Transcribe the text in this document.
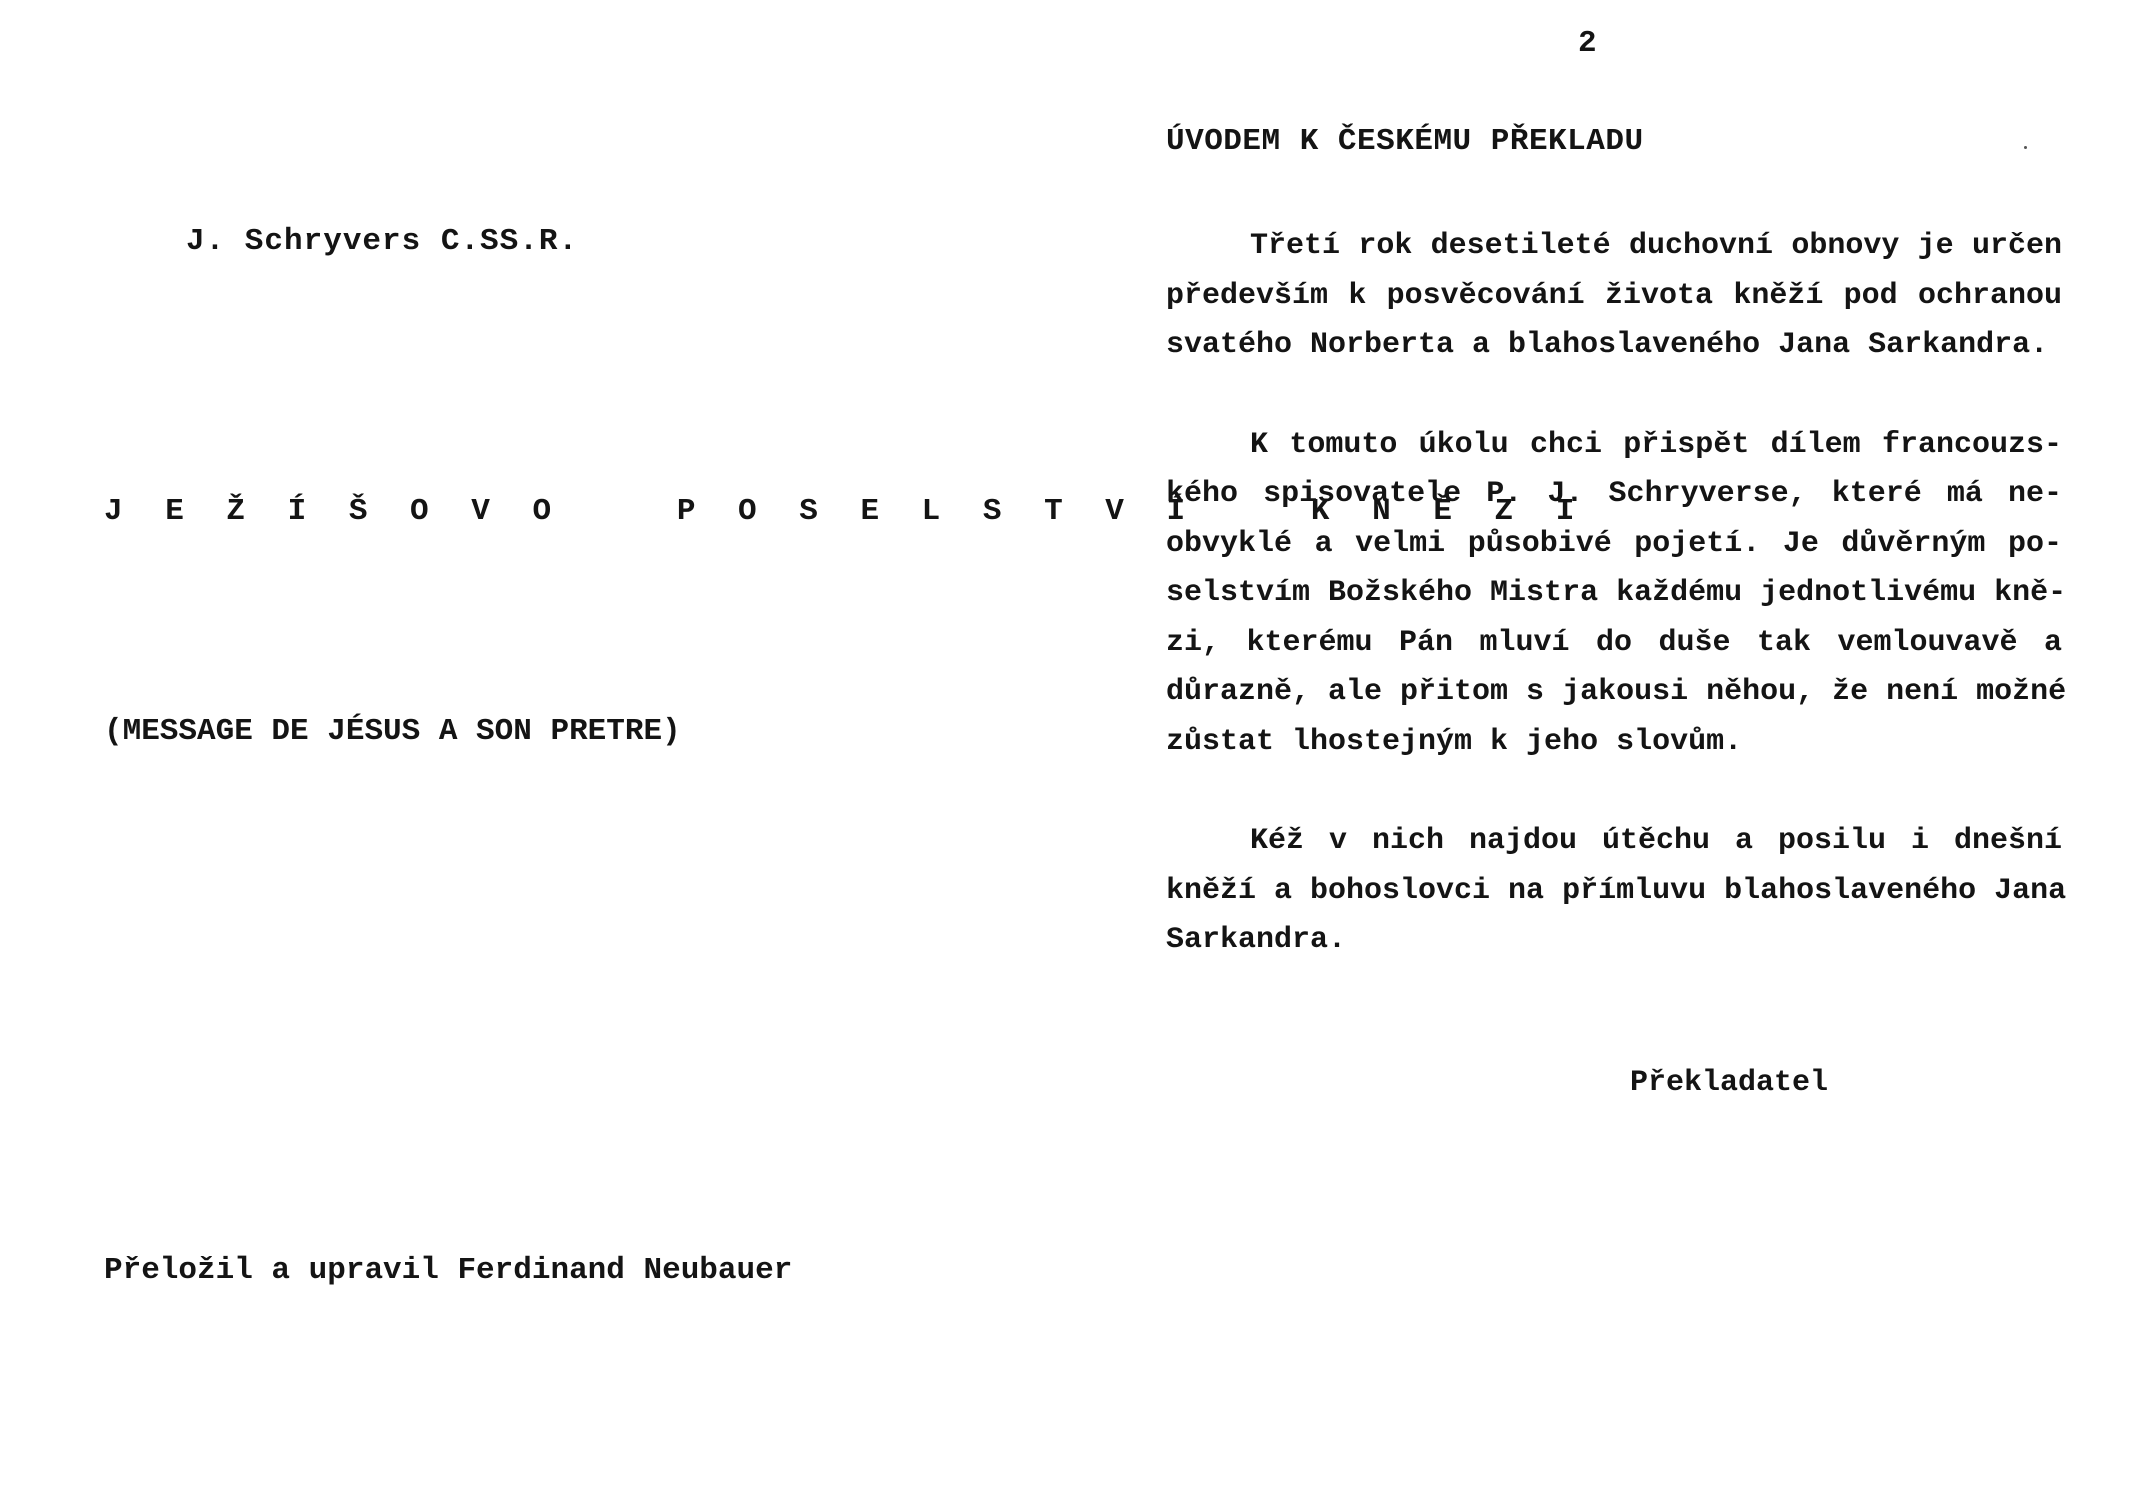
J. Schryvers C.SS.R.
J E Ž Í Š O V O   P O S E L S T V Í   K N Ě Z I
(MESSAGE DE JÉSUS A SON PRETRE)
Přeložil a upravil Ferdinand Neubauer
2
ÚVODEM K ČESKÉMU PŘEKLADU

Třetí rok desetileté duchovní obnovy je určen
především k posvěcování života kněží pod ochranou
svatého Norberta a blahoslaveného Jana Sarkandra.

K tomuto úkolu chci přispět dílem francouzs-
kého spisovatele P. J. Schryverse, které má ne-
obvyklé a velmi působivé pojetí. Je důvěrným po-
selstvím Božského Mistra každému jednotlivému kně-
zi, kterému Pán mluví do duše tak vemlouvavě a
důrazně, ale přitom s jakousi něhou, že není možné
zůstat lhostejným k jeho slovům.

Kéž v nich najdou útěchu a posilu i dnešní
kněží a bohoslovci na přímluvu blahoslaveného Jana
Sarkandra.

Překladatel
